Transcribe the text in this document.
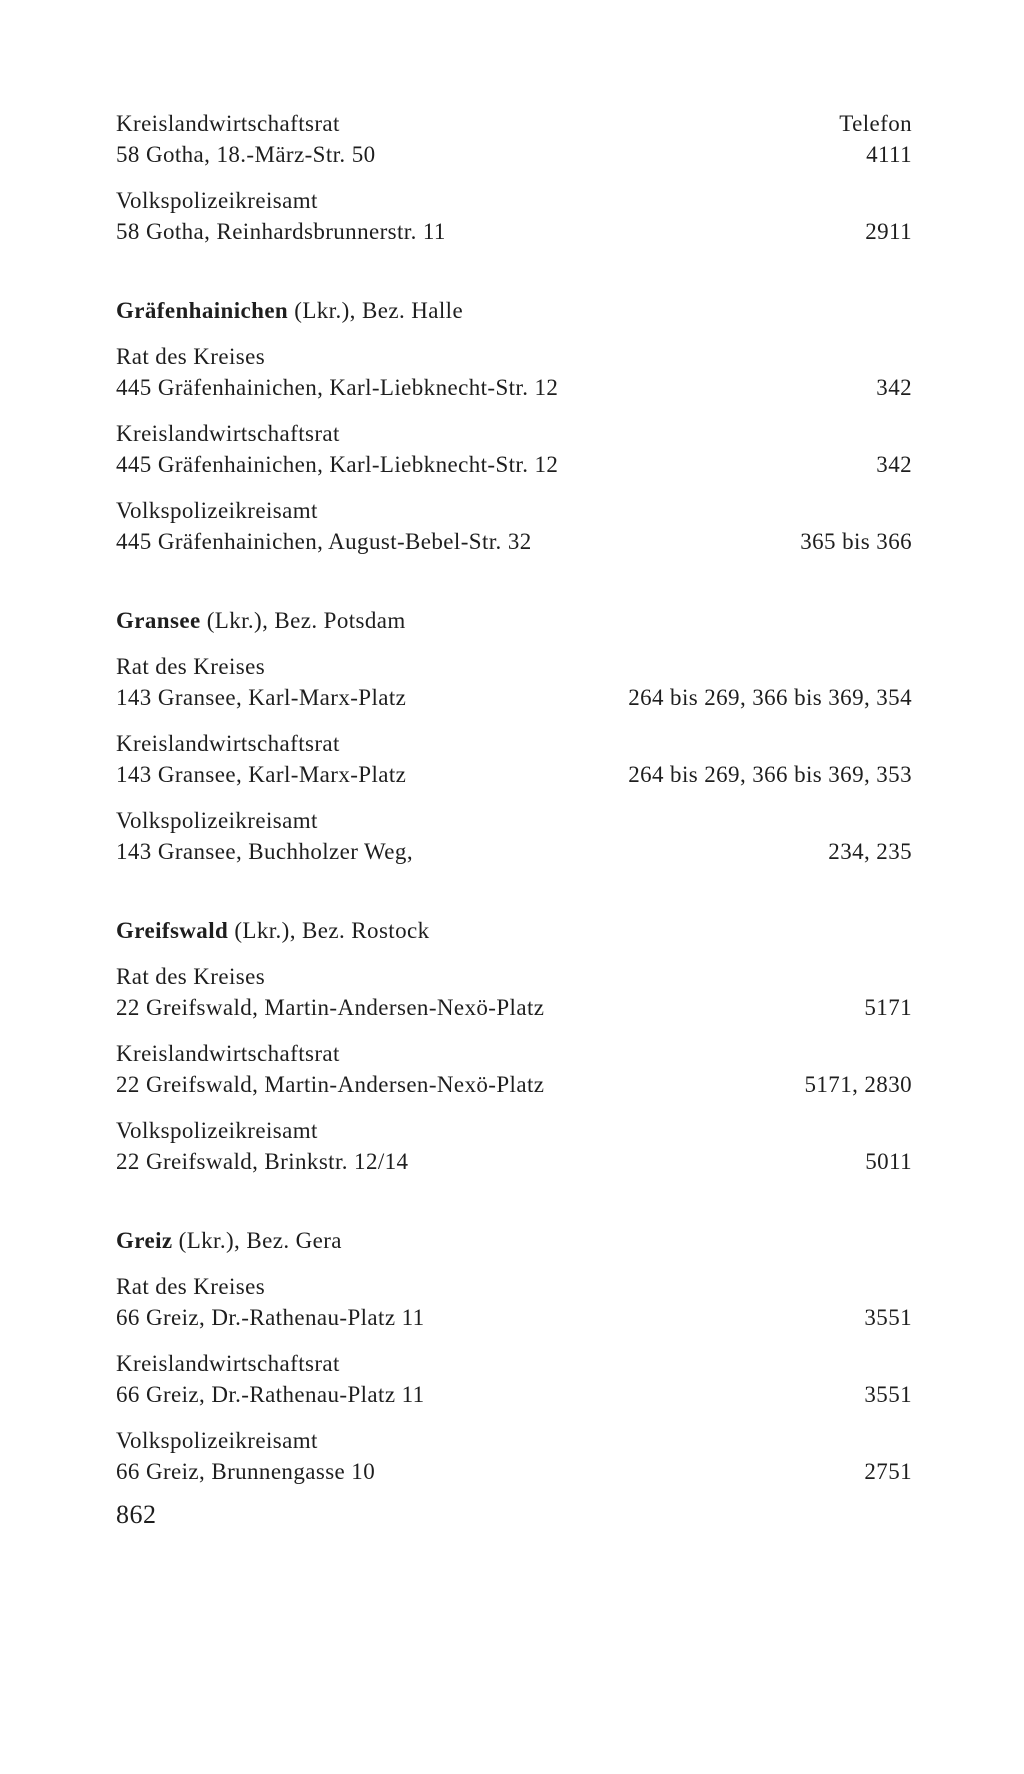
Kreislandwirtschaftsrat	Telefon
58 Gotha, 18.-März-Str. 50	4111
Volkspolizeikreisamt
58 Gotha, Reinhardsbrunnerstr. 11	2911
Gräfenhainichen (Lkr.), Bez. Halle
Rat des Kreises
445 Gräfenhainichen, Karl-Liebknecht-Str. 12	342
Kreislandwirtschaftsrat
445 Gräfenhainichen, Karl-Liebknecht-Str. 12	342
Volkspolizeikreisamt
445 Gräfenhainichen, August-Bebel-Str. 32	365 bis 366
Gransee (Lkr.), Bez. Potsdam
Rat des Kreises
143 Gransee, Karl-Marx-Platz	264 bis 269, 366 bis 369, 354
Kreislandwirtschaftsrat
143 Gransee, Karl-Marx-Platz	264 bis 269, 366 bis 369, 353
Volkspolizeikreisamt
143 Gransee, Buchholzer Weg,	234, 235
Greifswald (Lkr.), Bez. Rostock
Rat des Kreises
22 Greifswald, Martin-Andersen-Nexö-Platz	5171
Kreislandwirtschaftsrat
22 Greifswald, Martin-Andersen-Nexö-Platz	5171, 2830
Volkspolizeikreisamt
22 Greifswald, Brinkstr. 12/14	5011
Greiz (Lkr.), Bez. Gera
Rat des Kreises
66 Greiz, Dr.-Rathenau-Platz 11	3551
Kreislandwirtschaftsrat
66 Greiz, Dr.-Rathenau-Platz 11	3551
Volkspolizeikreisamt
66 Greiz, Brunnengasse 10	2751
862
